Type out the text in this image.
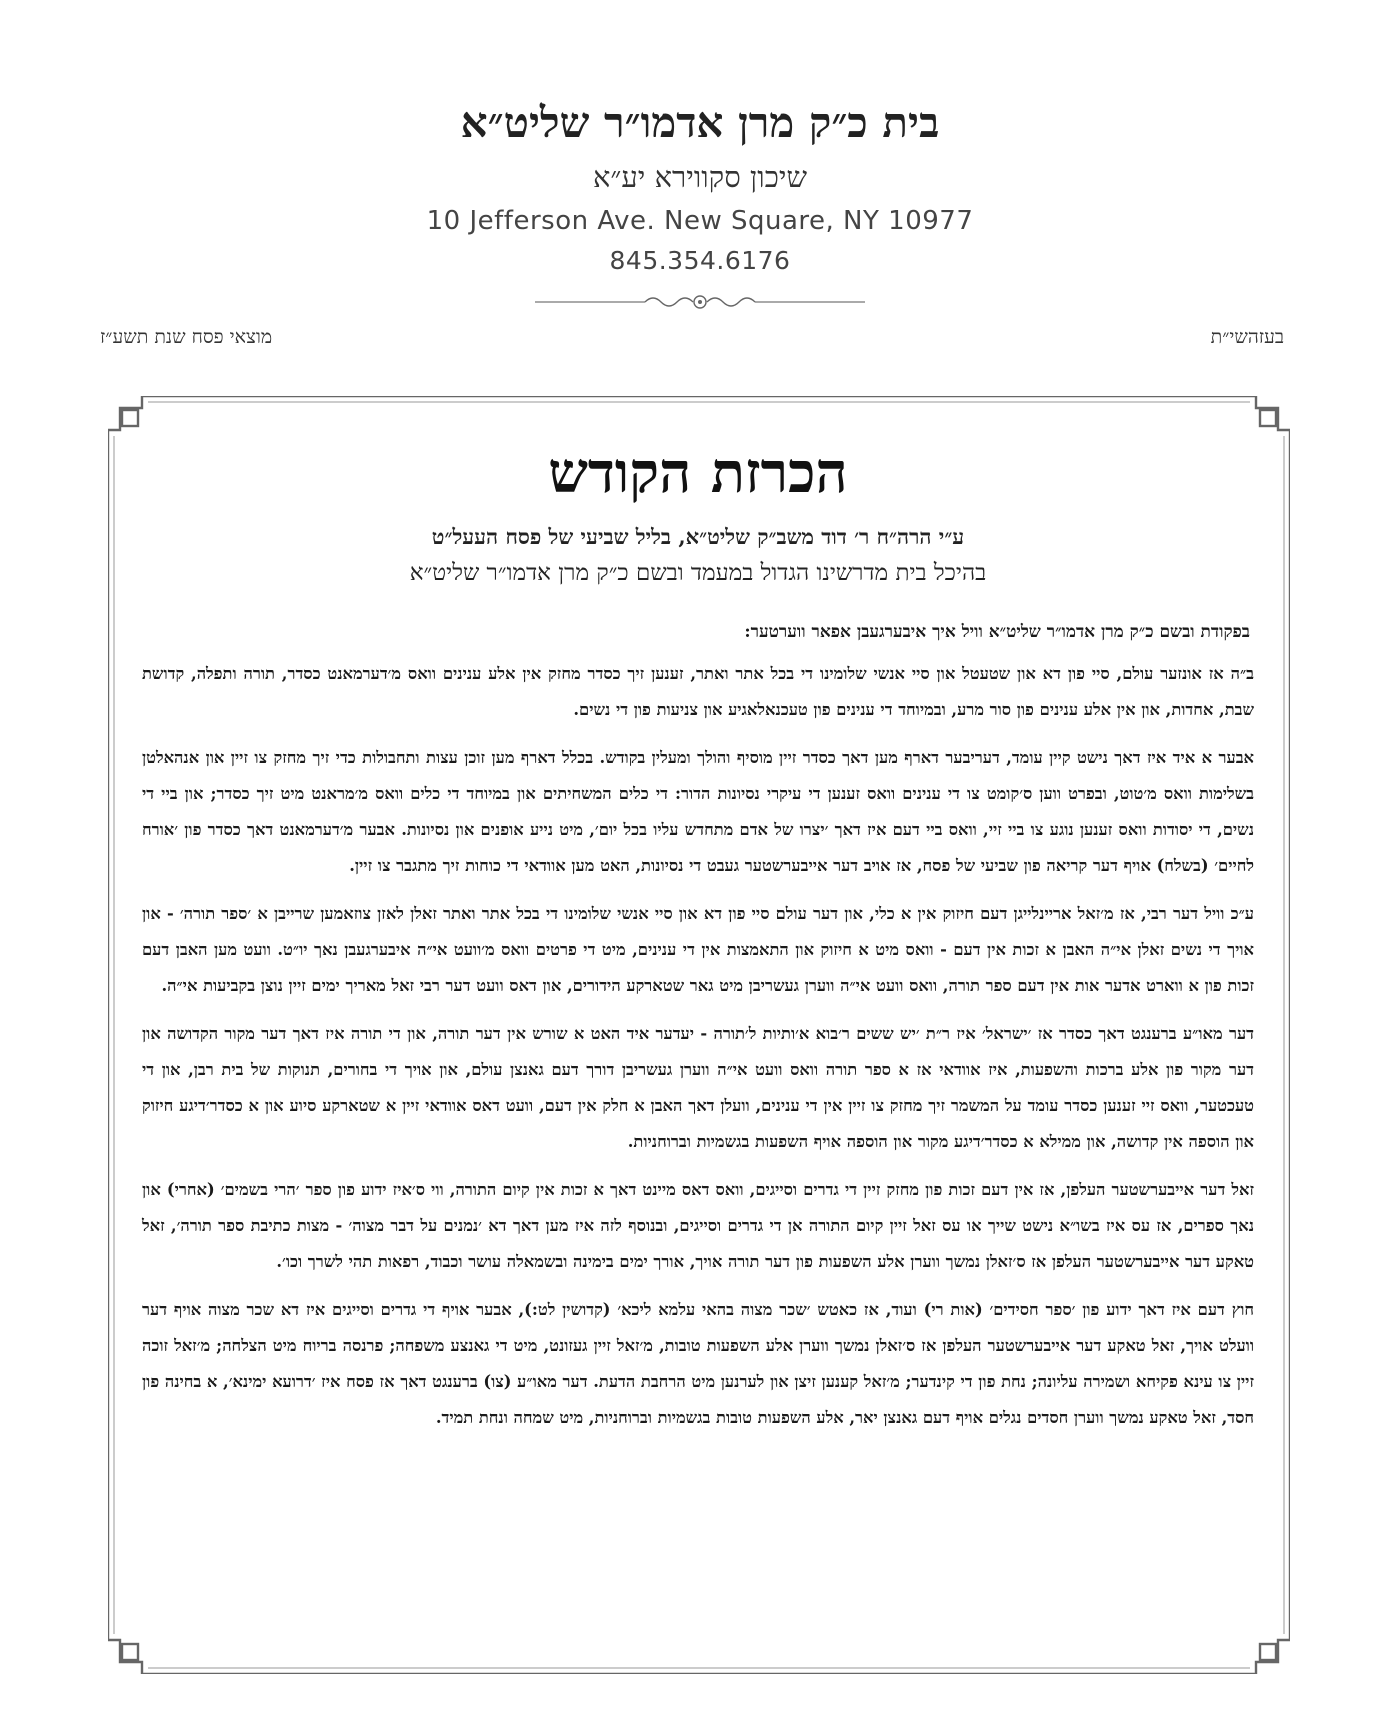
בית כ״ק מרן אדמו״ר שליט״א
שיכון סקווירא יע״א
10 Jefferson Ave. New Square, NY 10977
845.354.6176
בעזהשי״ת
מוצאי פסח שנת תשע״ז
הכרזת הקודש
ע״י הרה״ח ר׳ דוד משב״ק שליט״א, בליל שביעי של פסח העעל״ט
בהיכל בית מדרשינו הגדול במעמד ובשם כ״ק מרן אדמו״ר שליט״א
בפקודת ובשם כ״ק מרן אדמו״ר שליט״א וויל איך איבערגעבן אפאר ווערטער:

ב״ה אז אונזער עולם, סיי פון דא און שטעטל און סיי אנשי שלומינו די בכל אתר ואתר, זענען זיך כסדר מחזק אין אלע ענינים וואס מ׳דערמאנט כסדר, תורה ותפלה, קדושת שבת, אחדות, און אין אלע ענינים פון סור מרע, ובמיוחד די ענינים פון טעכנאלאגיע און צניעות פון די נשים.

אבער א איד איז דאך נישט קיין עומד, דעריבער דארף מען דאך כסדר זיין מוסיף והולך ומעלין בקודש. בכלל דארף מען זוכן עצות ותחבולות כדי זיך מחזק צו זיין און אנהאלטן בשלימות וואס מ׳טוט, ובפרט ווען ס׳קומט צו די ענינים וואס זענען די עיקרי נסיונות הדור: די כלים המשחיתים און במיוחד די כלים וואס מ׳מראנט מיט זיך כסדר; און ביי די נשים, די יסודות וואס זענען נוגע צו ביי זיי, וואס ביי דעם איז דאך ׳יצרו של אדם מתחדש עליו בכל יום׳, מיט נייע אופנים און נסיונות. אבער מ׳דערמאנט דאך כסדר פון ׳אורח לחיים׳ (בשלח) אויף דער קריאה פון שביעי של פסח, אז אויב דער אייבערשטער געבט די נסיונות, האט מען אוודאי די כוחות זיך מתגבר צו זיין.

ע״כ וויל דער רבי, אז מ׳זאל אריינלייגן דעם חיזוק אין א כלי, און דער עולם סיי פון דא און סיי אנשי שלומינו די בכל אתר ואתר זאלן לאזן צוזאמען שרייבן א ׳ספר תורה׳ - און אויך די נשים זאלן אי״ה האבן א זכות אין דעם - וואס מיט א חיזוק און התאמצות אין די ענינים, מיט די פרטים וואס מ׳וועט אי״ה איבערגעבן נאך יו״ט. וועט מען האבן דעם זכות פון א ווארט אדער אות אין דעם ספר תורה, וואס וועט אי״ה ווערן געשריבן מיט גאר שטארקע הידורים, און דאס וועט דער רבי זאל מאריך ימים זיין נוצן בקביעות אי״ה.

דער מאו״ע ברענגט דאך כסדר אז ׳ישראל׳ איז ר״ת ׳יש ששים ר׳בוא א׳ותיות ל׳תורה - יעדער איד האט א שורש אין דער תורה, און די תורה איז דאך דער מקור הקדושה און דער מקור פון אלע ברכות והשפעות, איז אוודאי אז א ספר תורה וואס וועט אי״ה ווערן געשריבן דורך דעם גאנצן עולם, און אויך די בחורים, תנוקות של בית רבן, און די טעכטער, וואס זיי זענען כסדר עומד על המשמר זיך מחזק צו זיין אין די ענינים, וועלן דאך האבן א חלק אין דעם, וועט דאס אוודאי זיין א שטארקע סיוע און א כסדר׳דיגע חיזוק און הוספה אין קדושה, און ממילא א כסדר׳דיגע מקור און הוספה אויף השפעות בגשמיות וברוחניות.

זאל דער אייבערשטער העלפן, אז אין דעם זכות פון מחזק זיין די גדרים וסייגים, וואס דאס מיינט דאך א זכות אין קיום התורה, ווי ס׳איז ידוע פון ספר ׳הרי בשמים׳ (אחרי) און נאך ספרים, אז עס איז בשו״א נישט שייך או עס זאל זיין קיום התורה אן די גדרים וסייגים, ובנוסף לזה איז מען דאך דא ׳נמנים על דבר מצוה׳ - מצות כתיבת ספר תורה׳, זאל טאקע דער אייבערשטער העלפן אז ס׳זאלן נמשך ווערן אלע השפעות פון דער תורה אויך, אורך ימים בימינה ובשמאלה עושר וכבוד, רפאות תהי לשרך וכו׳.

חוץ דעם איז דאך ידוע פון ׳ספר חסידים׳ (אות רי) ועוד, אז כאטש ׳שכר מצוה בהאי עלמא ליכא׳ (קדושין לט:), אבער אויף די גדרים וסייגים איז דא שכר מצוה אויף דער וועלט אויך, זאל טאקע דער אייבערשטער העלפן אז ס׳זאלן נמשך ווערן אלע השפעות טובות, מ׳זאל זיין געזונט, מיט די גאנצע משפחה; פרנסה בריוח מיט הצלחה; מ׳זאל זוכה זיין צו עינא פקיחא ושמירה עליונה; נחת פון די קינדער; מ׳זאל קענען זיצן און לערנען מיט הרחבת הדעת. דער מאו״ע (צו) ברענגט דאך אז פסח איז ׳דרועא ימינא׳, א בחינה פון חסד, זאל טאקע נמשך ווערן חסדים נגלים אויף דעם גאנצן יאר, אלע השפעות טובות בגשמיות וברוחניות, מיט שמחה ונחת תמיד.
